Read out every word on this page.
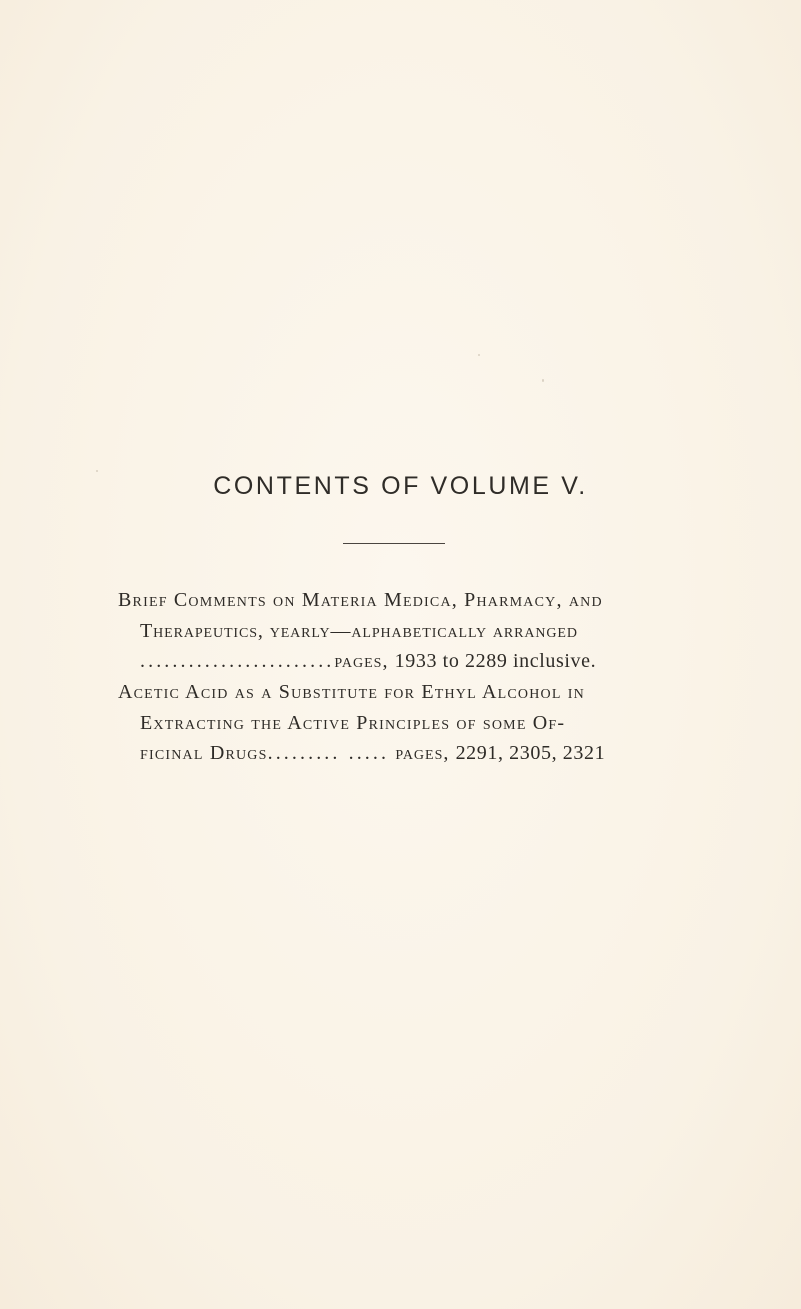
CONTENTS OF VOLUME V.
Brief Comments on Materia Medica, Pharmacy, and
Therapeutics, yearly—alphabetically arranged
........................pages, 1933 to 2289 inclusive.
Acetic Acid as a Substitute for Ethyl Alcohol in
Extracting the Active Principles of some Of-
ficinal Drugs......... ..... pages, 2291, 2305, 2321
